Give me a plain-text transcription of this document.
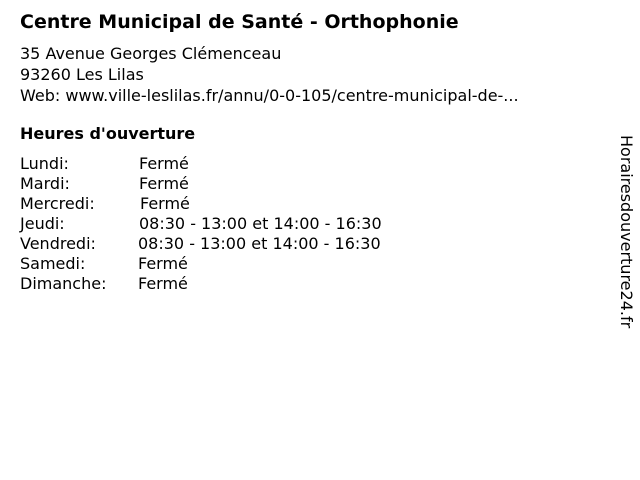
Centre Municipal de Santé - Orthophonie
35 Avenue Georges Clémenceau
93260 Les Lilas
Web: www.ville-leslilas.fr/annu/0-0-105/centre-municipal-de-...
Heures d'ouverture
Lundi:	Fermé
Mardi:	Fermé
Mercredi:	Fermé
Jeudi:	08:30 - 13:00 et 14:00 - 16:30
Vendredi:	08:30 - 13:00 et 14:00 - 16:30
Samedi:	Fermé
Dimanche: Fermé	Horairesdouverture24.fr
